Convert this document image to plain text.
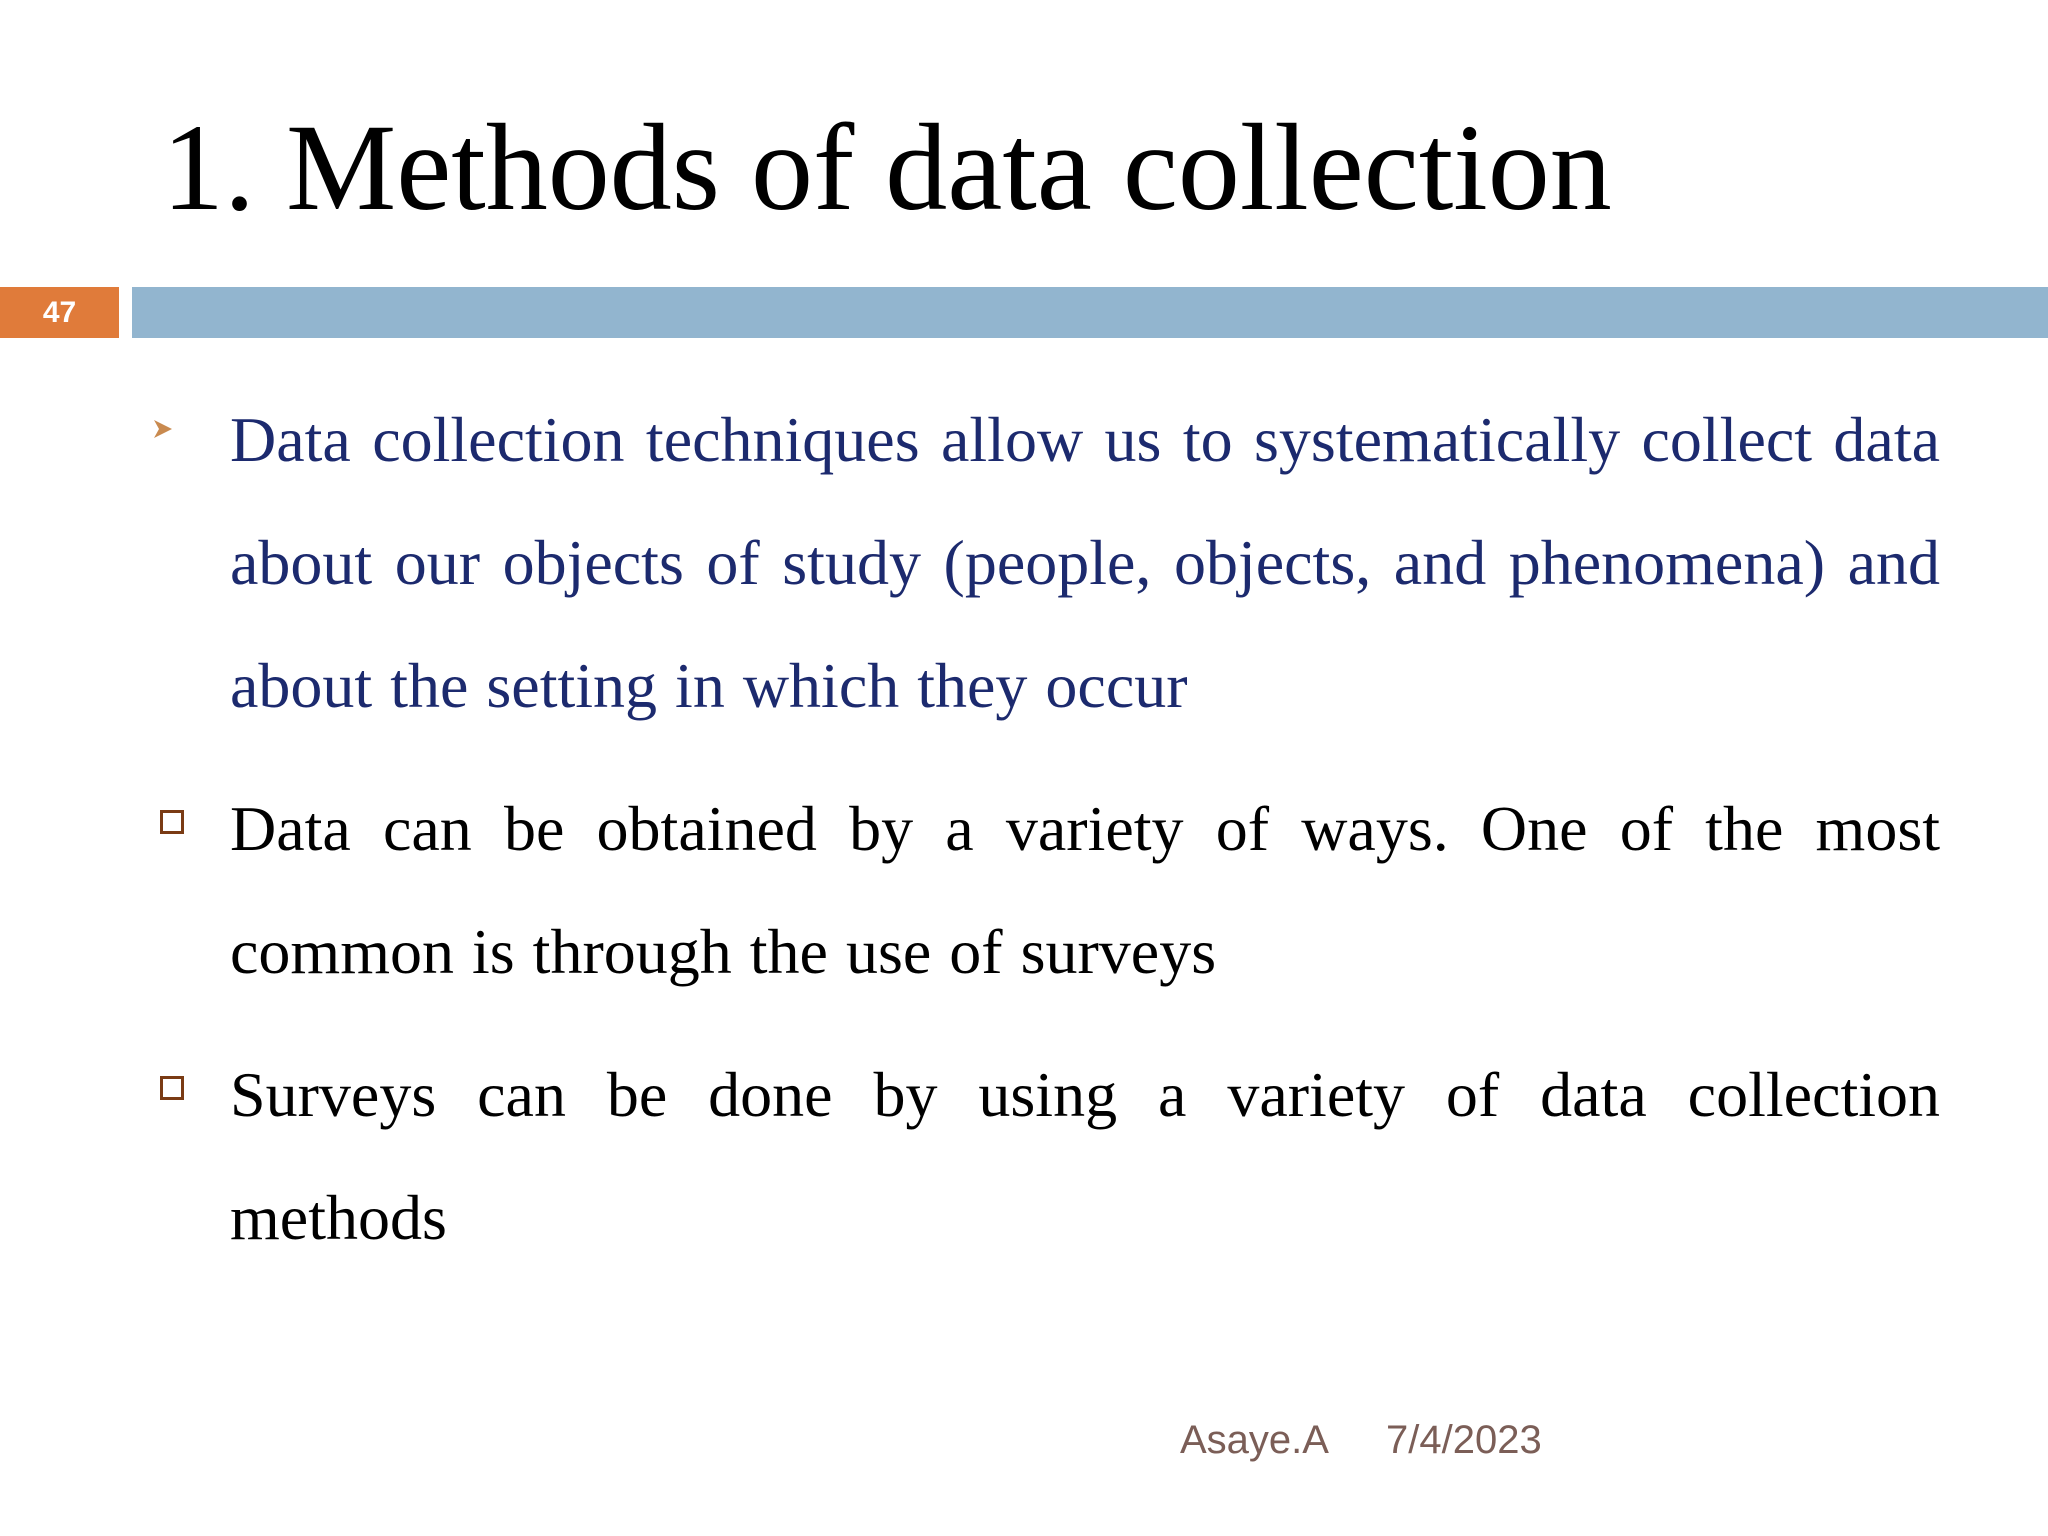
1. Methods of data collection
47

Data collection techniques allow us to systematically collect data about our objects of study (people, objects, and phenomena) and about the setting in which they occur

Data can be obtained by a variety of ways. One of the most common is through the use of surveys

Surveys can be done by using a variety of data collection methods

Asaye.A 7/4/2023
